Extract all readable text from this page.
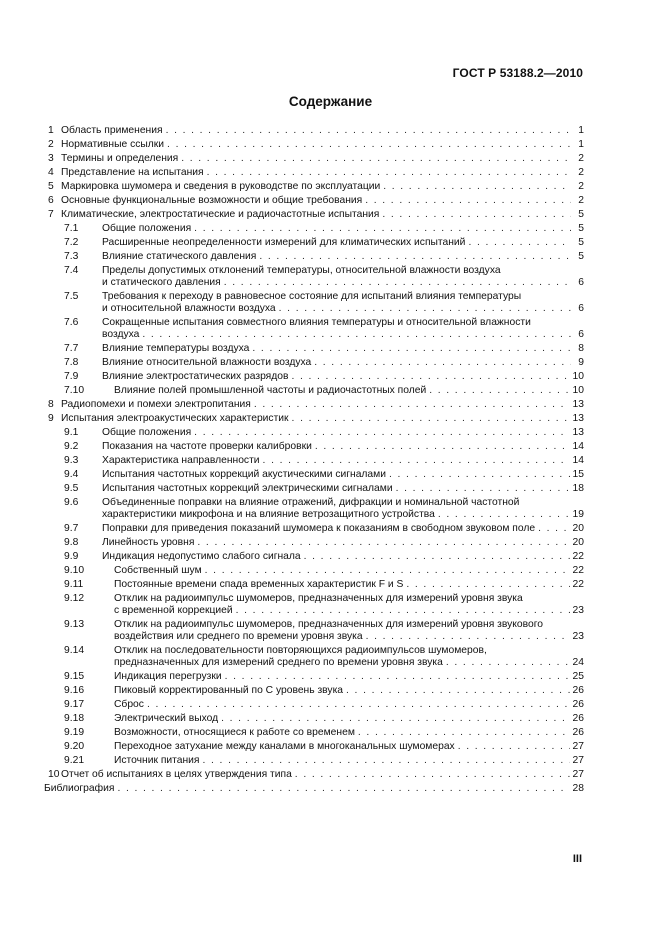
ГОСТ Р 53188.2—2010
Содержание
1 Область применения . . .	1
2 Нормативные ссылки . . .	1
3 Термины и определения . . .	2
4 Представление на испытания . . .	2
5 Маркировка шумомера и сведения в руководстве по эксплуатации . . .	2
6 Основные функциональные возможности и общие требования . . .	2
7 Климатические, электростатические и радиочастотные испытания . . .	5
7.1 Общие положения . . .	5
7.2 Расширенные неопределенности измерений для климатических испытаний . . .	5
7.3 Влияние статического давления . . .	5
7.4 Пределы допустимых отклонений температуры, относительной влажности воздуха
и статического давления . . .	6
7.5 Требования к переходу в равновесное состояние для испытаний влияния температуры
и относительной влажности воздуха . . .	6
7.6 Сокращенные испытания совместного влияния температуры и относительной влажности
воздуха . . .	6
7.7 Влияние температуры воздуха . . .	8
7.8 Влияние относительной влажности воздуха . . .	9
7.9 Влияние электростатических разрядов . . .	10
7.10	Влияние полей промышленной частоты и радиочастотных полей . . .	10
8 Радиопомехи и помехи электропитания . . .	13
9 Испытания электроакустических характеристик . . .	13
9.1 Общие положения . . .	13
9.2 Показания на частоте проверки калибровки . . .	14
9.3 Характеристика направленности . . .	14
9.4 Испытания частотных коррекций акустическими сигналами . . .	15
9.5 Испытания частотных коррекций электрическими сигналами . . .	18
9.6 Объединенные поправки на влияние отражений, дифракции и номинальной частотной
характеристики микрофона и на влияние ветрозащитного устройства . . .	19
9.7 Поправки для приведения показаний шумомера к показаниям в свободном звуковом поле . . .	20
9.8 Линейность уровня . . .	20
9.9 Индикация недопустимо слабого сигнала . . .	22
9.10	Собственный шум . . .	22
9.11	Постоянные времени спада временных характеристик F и S . . .	22
9.12	Отклик на радиоимпульс шумомеров, предназначенных для измерений уровня звука
с временной коррекцией . . .	23
9.13	Отклик на радиоимпульс шумомеров, предназначенных для измерений уровня звукового
воздействия или среднего по времени уровня звука . . .	23
9.14	Отклик на последовательности повторяющихся радиоимпульсов шумомеров,
предназначенных для измерений среднего по времени уровня звука . . .	24
9.15	Индикация перегрузки . . .	25
9.16	Пиковый корректированный по C уровень звука . . .	26
9.17	Сброс . . .	26
9.18	Электрический выход . . .	26
9.19	Возможности, относящиеся к работе со временем . . .	26
9.20	Переходное затухание между каналами в многоканальных шумомерах . . .	27
9.21	Источник питания . . .	27
10 Отчет об испытаниях в целях утверждения типа . . .	27
Библиография . . .	28
III
